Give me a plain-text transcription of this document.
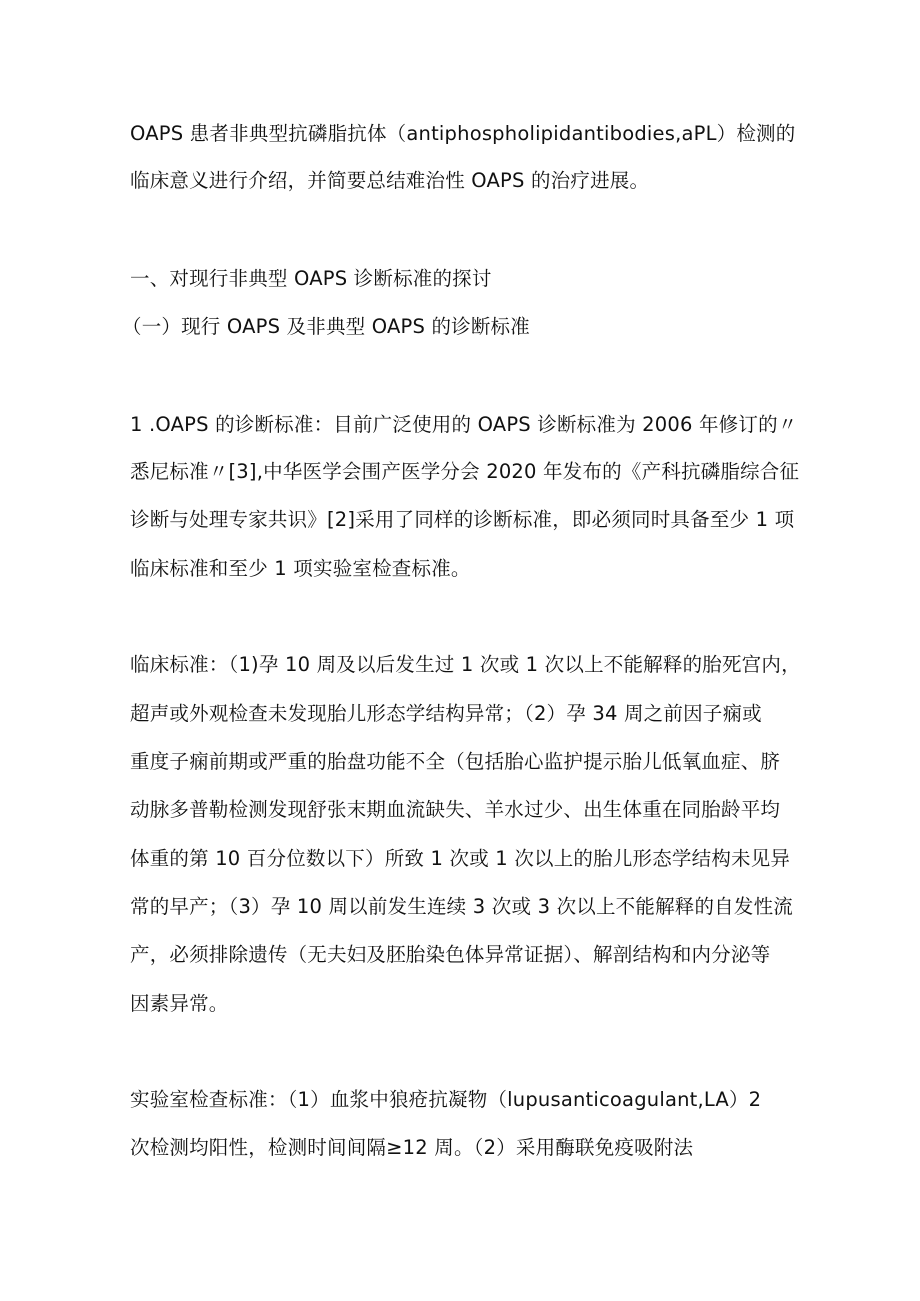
OAPS 患者非典型抗磷脂抗体（antiphospholipidantibodies,aPL）检测的
临床意义进行介绍，并简要总结难治性 OAPS 的治疗进展。
一、对现行非典型 OAPS 诊断标准的探讨
（一）现行 OAPS 及非典型 OAPS 的诊断标准
1 .OAPS 的诊断标准：目前广泛使用的 OAPS 诊断标准为 2006 年修订的〃
悉尼标准〃[3],中华医学会围产医学分会 2020 年发布的《产科抗磷脂综合征
诊断与处理专家共识》[2]采用了同样的诊断标准，即必须同时具备至少 1 项
临床标准和至少 1 项实验室检查标准。
临床标准：（1)孕 10 周及以后发生过 1 次或 1 次以上不能解释的胎死宫内，
超声或外观检查未发现胎儿形态学结构异常；（2）孕 34 周之前因子痫或
重度子痫前期或严重的胎盘功能不全（包括胎心监护提示胎儿低氧血症、脐
动脉多普勒检测发现舒张末期血流缺失、羊水过少、出生体重在同胎龄平均
体重的第 10 百分位数以下）所致 1 次或 1 次以上的胎儿形态学结构未见异
常的早产；（3）孕 10 周以前发生连续 3 次或 3 次以上不能解释的自发性流
产，必须排除遗传（无夫妇及胚胎染色体异常证据）、解剖结构和内分泌等
因素异常。
实验室检查标准：（1）血浆中狼疮抗凝物（lupusanticoagulant,LA）2
次检测均阳性，检测时间间隔≥12 周。（2）采用酶联免疫吸附法
